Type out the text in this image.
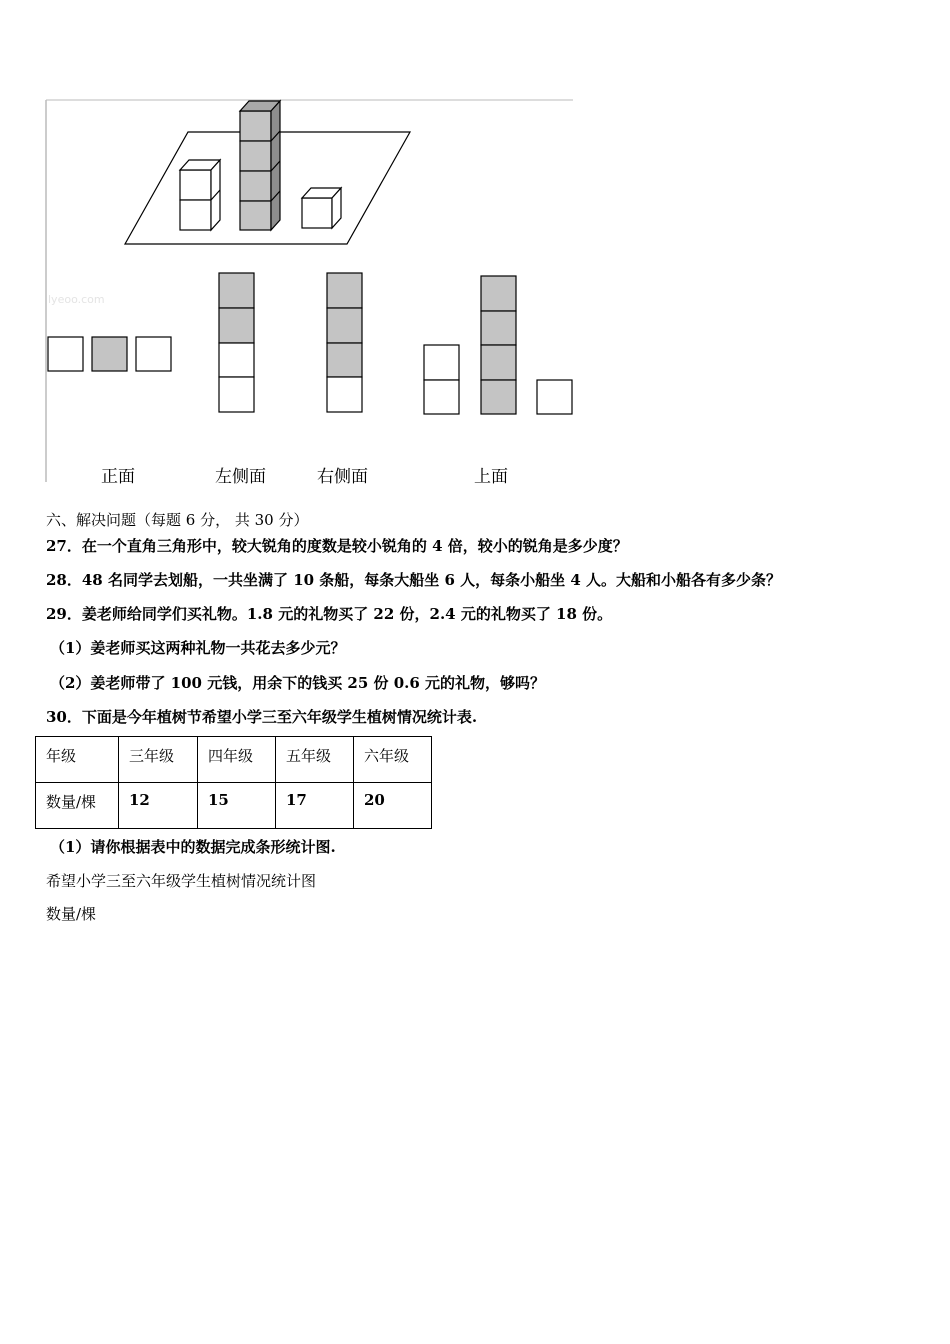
lyeoo.com
正面	左侧面	右侧面	上面
六、解决问题（每题 6 分， 共 30 分）
27．在一个直角三角形中，较大锐角的度数是较小锐角的 4 倍，较小的锐角是多少度？
28．48 名同学去划船，一共坐满了 10 条船，每条大船坐 6 人，每条小船坐 4 人。大船和小船各有多少条？
29．姜老师给同学们买礼物。1.8 元的礼物买了 22 份，2.4 元的礼物买了 18 份。
（1）姜老师买这两种礼物一共花去多少元？
（2）姜老师带了 100 元钱，用余下的钱买 25 份 0.6 元的礼物，够吗？
30．下面是今年植树节希望小学三至六年级学生植树情况统计表.
年级	三年级	四年级	五年级	六年级
数量/棵	12	15	17	20
（1）请你根据表中的数据完成条形统计图.
希望小学三至六年级学生植树情况统计图
数量/棵
